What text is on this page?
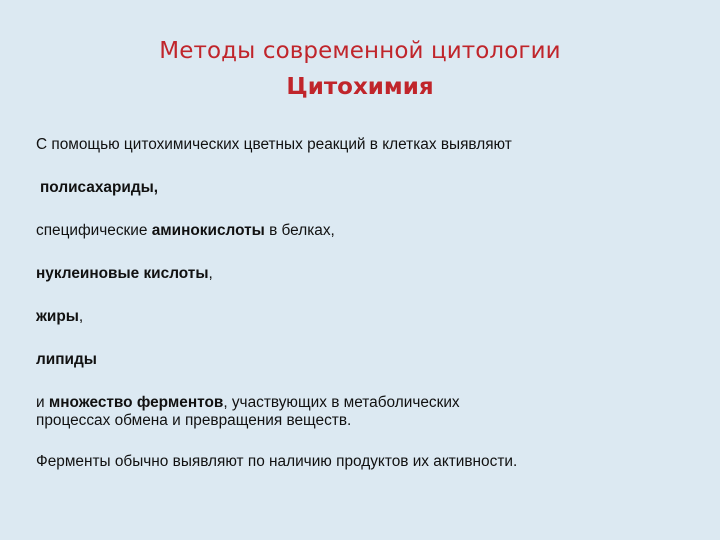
Методы современной цитологии
Цитохимия

С помощью цитохимических цветных реакций в клетках выявляют

полисахариды,

специфические аминокислоты в белках,

нуклеиновые кислоты,

жиры,

липиды

и множество ферментов, участвующих в метаболических

процессах обмена и превращения веществ.

Ферменты обычно выявляют по наличию продуктов их активности.
